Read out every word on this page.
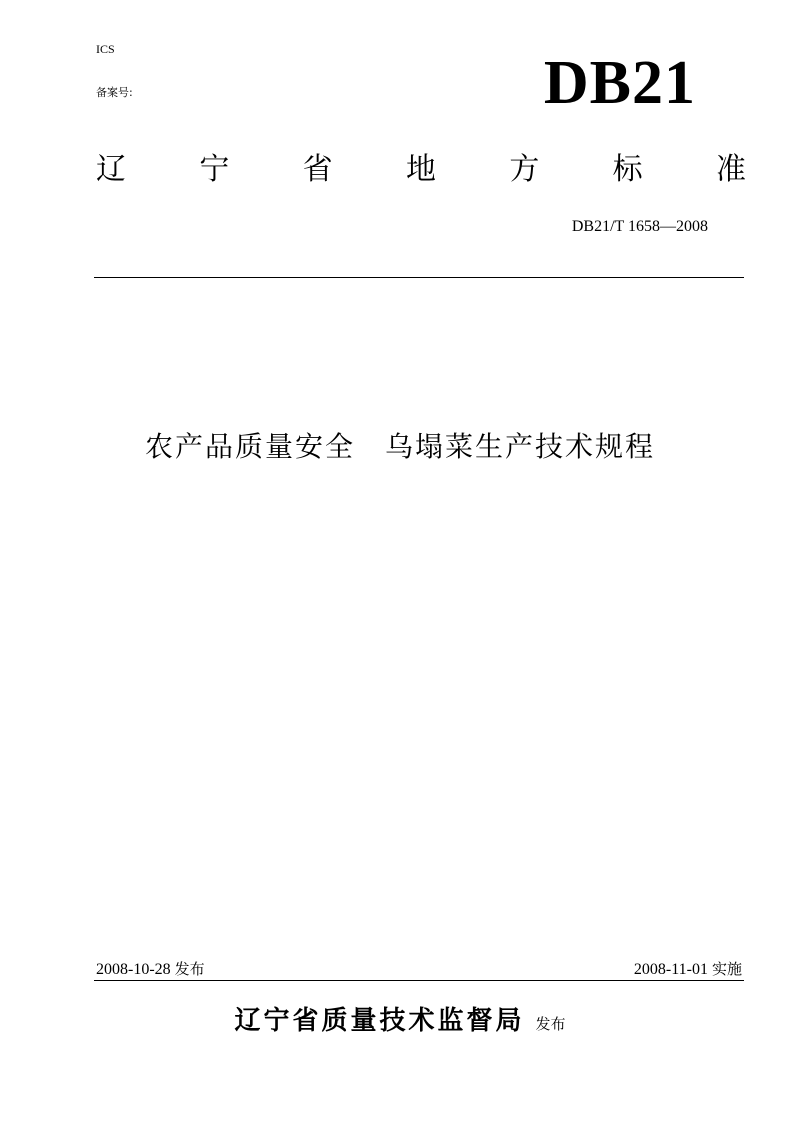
ICS
备案号:	DB21
辽 宁 省 地 方 标 准
DB21/T 1658—2008
农产品质量安全　乌塌菜生产技术规程
2008-10-28 发布	2008-11-01 实施
辽宁省质量技术监督局 发布
